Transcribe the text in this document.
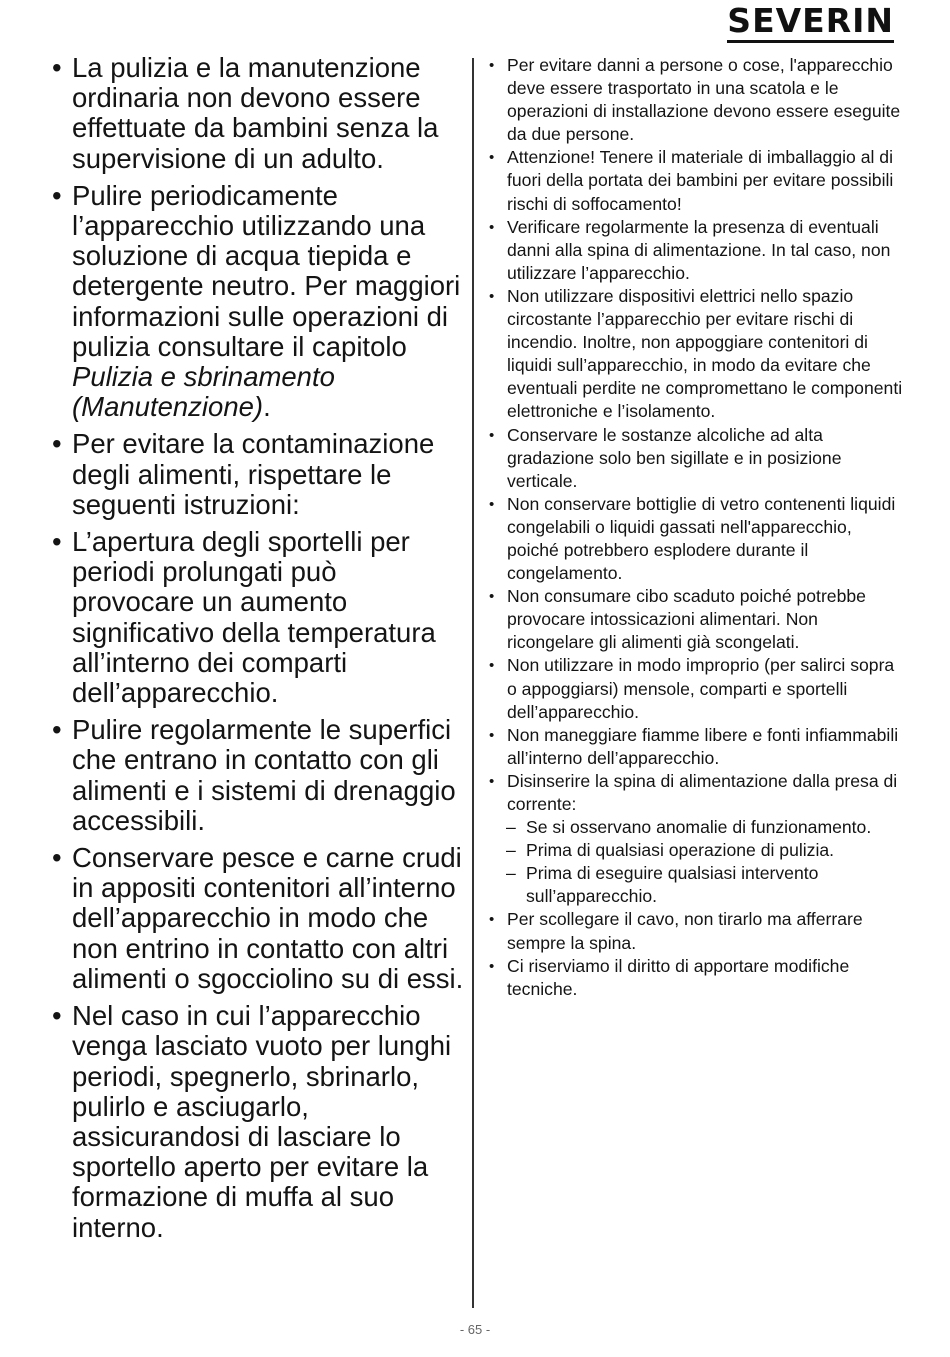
SEVERIN
• La pulizia e la manutenzione ordinaria non devono essere effettuate da bambini senza la supervisione di un adulto.
• Pulire periodicamente l’apparecchio utilizzando una soluzione di acqua tiepida e detergente neutro. Per maggiori informazioni sulle operazioni di pulizia consultare il capitolo Pulizia e sbrinamento (Manutenzione).
• Per evitare la contaminazione degli alimenti, rispettare le seguenti istruzioni:
• L’apertura degli sportelli per periodi prolungati può provocare un aumento significativo della temperatura all’interno dei comparti dell’apparecchio.
• Pulire regolarmente le superfici che entrano in contatto con gli alimenti e i sistemi di drenaggio accessibili.
• Conservare pesce e carne crudi in appositi contenitori all’interno dell’apparecchio in modo che non entrino in contatto con altri alimenti o sgocciolino su di essi.
• Nel caso in cui l’apparecchio venga lasciato vuoto per lunghi periodi, spegnerlo, sbrinarlo, pulirlo e asciugarlo, assicurandosi di lasciare lo sportello aperto per evitare la formazione di muffa al suo interno.
• Per evitare danni a persone o cose, l'apparecchio deve essere trasportato in una scatola e le operazioni di installazione devono essere eseguite da due persone.
• Attenzione! Tenere il materiale di imballaggio al di fuori della portata dei bambini per evitare possibili rischi di soffocamento!
• Verificare regolarmente la presenza di eventuali danni alla spina di alimentazione. In tal caso, non utilizzare l’apparecchio.
• Non utilizzare dispositivi elettrici nello spazio circostante l’apparecchio per evitare rischi di incendio. Inoltre, non appoggiare contenitori di liquidi sull’apparecchio, in modo da evitare che eventuali perdite ne compromettano le componenti elettroniche e l’isolamento.
• Conservare le sostanze alcoliche ad alta gradazione solo ben sigillate e in posizione verticale.
• Non conservare bottiglie di vetro contenenti liquidi congelabili o liquidi gassati nell'apparecchio, poiché potrebbero esplodere durante il congelamento.
• Non consumare cibo scaduto poiché potrebbe provocare intossicazioni alimentari. Non ricongelare gli alimenti già scongelati.
• Non utilizzare in modo improprio (per salirci sopra o appoggiarsi) mensole, comparti e sportelli dell’apparecchio.
• Non maneggiare fiamme libere e fonti infiammabili all’interno dell’apparecchio.
• Disinserire la spina di alimentazione dalla presa di corrente:
– Se si osservano anomalie di funzionamento.
– Prima di qualsiasi operazione di pulizia.
– Prima di eseguire qualsiasi intervento sull’apparecchio.
• Per scollegare il cavo, non tirarlo ma afferrare sempre la spina.
• Ci riserviamo il diritto di apportare modifiche tecniche.
- 65 -
